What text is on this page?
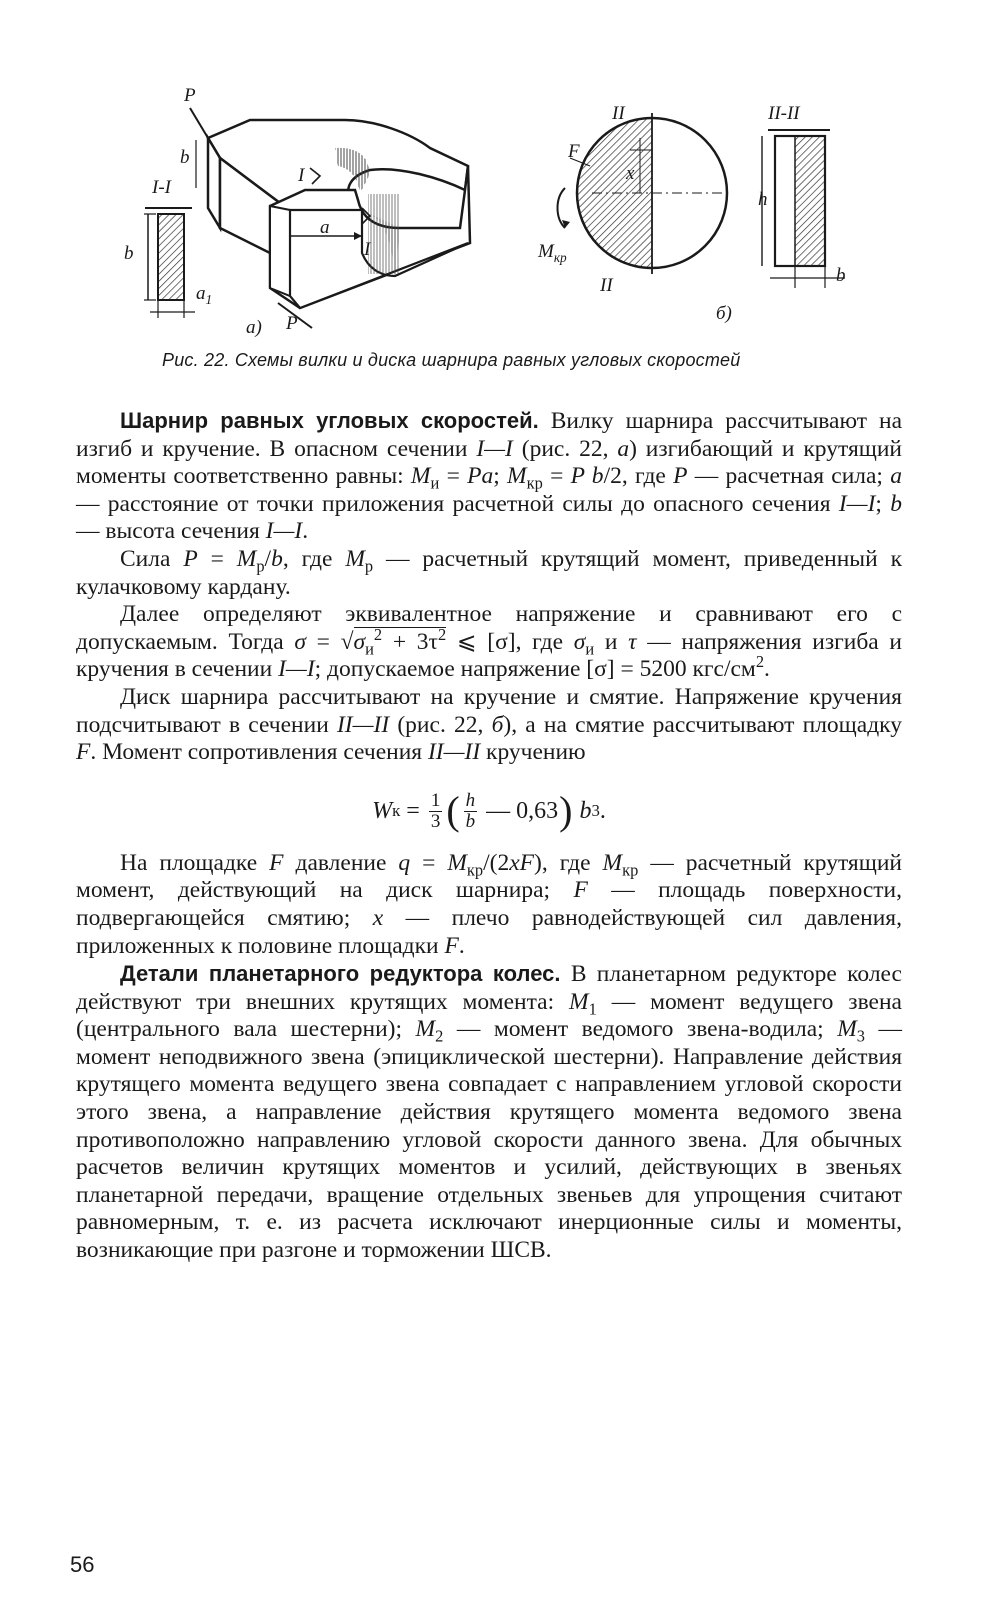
P
b
I-I
b
$a_1$
I
a
I
P
а)
II
F
x
$M_{кр}$
II
б)
II-II
h
b
Рис. 22. Схемы вилки и диска шарнира равных угловых скоростей

Шарнир равных угловых скоростей. Вилку шарнира рассчитывают на изгиб и кручение. В опасном сечении I—I (рис. 22, а) изгибающий и крутящий моменты соответственно равны: $М_и = Pa$; $М_{кр} = P$ b/2, где P — расчетная сила; a — расстояние от точки приложения расчетной силы до опасного сечения I—I; b — высота сечения I—I.

Сила $P = М_р/b$, где $М_р$ — расчетный крутящий момент, приведенный к кулачковому кардану.

Далее определяют эквивалентное напряжение и сравнивают его с допускаемым. Тогда $\sigma = √\sigma_и^2 + 3\tau^2$ ⩽ [σ], где $\sigma_и$ и τ — напряжения изгиба и кручения в сечении I—I; допускаемое напряжение [σ] = 5200 кгс/$см^2$.

Диск шарнира рассчитывают на кручение и смятие. Напряжение кручения подсчитывают в сечении II—II (рис. 22, б), а на смятие рассчитывают площадку F. Момент сопротивления сечения II—II кручению

W $к = \frac{1}{3}$ ( $\frac{h}{b}$ — 0,63 ) b 3 .

На площадке F давление $q = M_{кр}/(2xF)$, где $M_{кр}$ — расчетный крутящий момент, действующий на диск шарнира; F — площадь поверхности, подвергающейся смятию; x — плечо равнодействующей сил давления, приложенных к половине площадки F.

Детали планетарного редуктора колес. В планетарном редукторе колес действуют три внешних крутящих момента: $М_1$ — момент ведущего звена (центрального вала шестерни); $М_2$ — момент ведомого звена-водила; $М_3$ — момент неподвижного звена (эпициклической шестерни). Направление действия крутящего момента ведущего звена совпадает с направлением угловой скорости этого звена, а направление действия крутящего момента ведомого звена противоположно направлению угловой скорости данного звена. Для обычных расчетов величин крутящих моментов и усилий, действующих в звеньях планетарной передачи, вращение отдельных звеньев для упрощения считают равномерным, т. е. из расчета исключают инерционные силы и моменты, возникающие при разгоне и торможении ШСВ.

56
